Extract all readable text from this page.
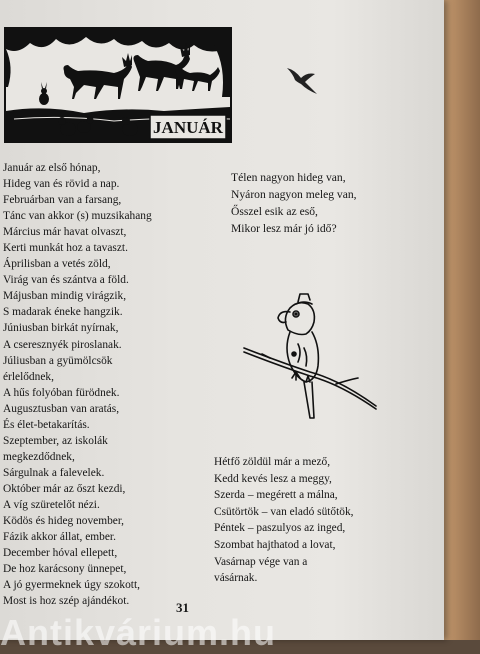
JANUÁR
Január az első hónap,
Hideg van és rövid a nap.
Februárban van a farsang,
Tánc van akkor (s) muzsikahang
Március már havat olvaszt,
Kerti munkát hoz a tavaszt.
Áprilisban a vetés zöld,
Virág van és szántva a föld.
Májusban mindig virágzik,
S madarak éneke hangzik.
Júniusban birkát nyírnak,
A cseresznyék piroslanak.
Júliusban a gyümölcsök
érlelődnek,
A hűs folyóban fürödnek.
Augusztusban van aratás,
És élet-betakarítás.
Szeptember, az iskolák
megkezdődnek,
Sárgulnak a falevelek.
Október már az őszt kezdi,
A víg szüretelőt nézi.
Ködös és hideg november,
Fázik akkor állat, ember.
December hóval ellepett,
De hoz karácsony ünnepet,
A jó gyermeknek úgy szokott,
Most is hoz szép ajándékot.
Télen nagyon hideg van,
Nyáron nagyon meleg van,
Ősszel esik az eső,
Mikor lesz már jó idő?
Hétfő zöldül már a mező,
Kedd kevés lesz a meggy,
Szerda – megérett a málna,
Csütörtök – van eladó sütőtök,
Péntek – paszulyos az inged,
Szombat hajthatod a lovat,
Vasárnap vége van a
vásárnak.
31
Antikvárium.hu
